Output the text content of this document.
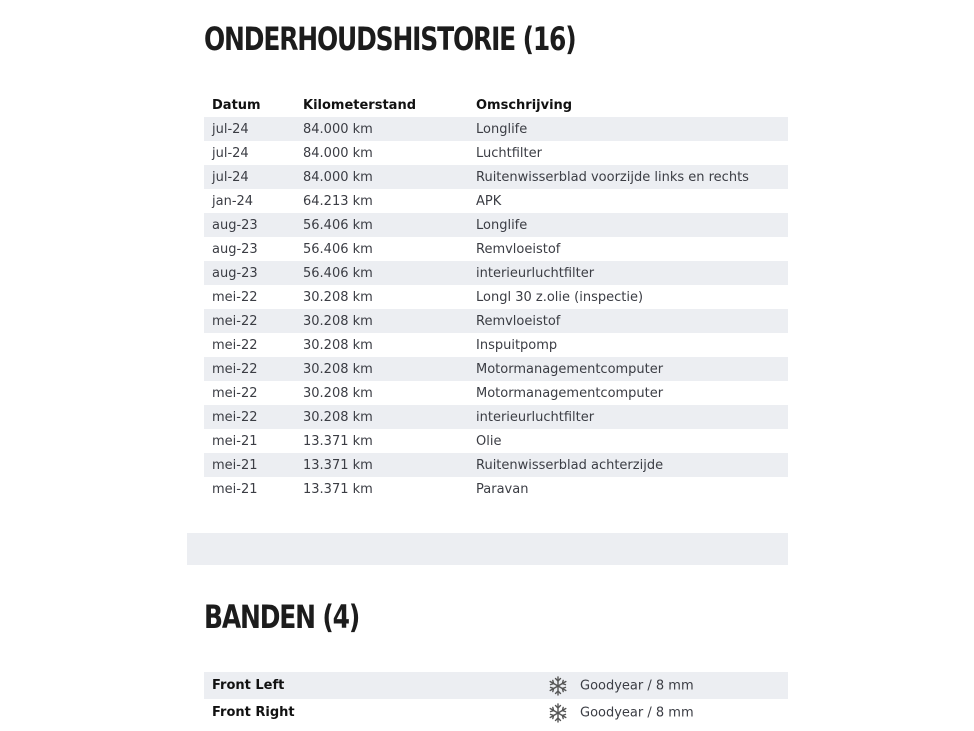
ONDERHOUDSHISTORIE (16)
Datum	Kilometerstand	Omschrijving
jul-24	84.000 km	Longlife
jul-24	84.000 km	Luchtfilter
jul-24	84.000 km	Ruitenwisserblad voorzijde links en rechts
jan-24	64.213 km	APK
aug-23	56.406 km	Longlife
aug-23	56.406 km	Remvloeistof
aug-23	56.406 km	interieurluchtfilter
mei-22	30.208 km	Longl 30 z.olie (inspectie)
mei-22	30.208 km	Remvloeistof
mei-22	30.208 km	Inspuitpomp
mei-22	30.208 km	Motormanagementcomputer
mei-22	30.208 km	Motormanagementcomputer
mei-22	30.208 km	interieurluchtfilter
mei-21	13.371 km	Olie
mei-21	13.371 km	Ruitenwisserblad achterzijde
mei-21	13.371 km	Paravan
BANDEN (4)
Front Left	Goodyear / 8 mm
Front Right	Goodyear / 8 mm
